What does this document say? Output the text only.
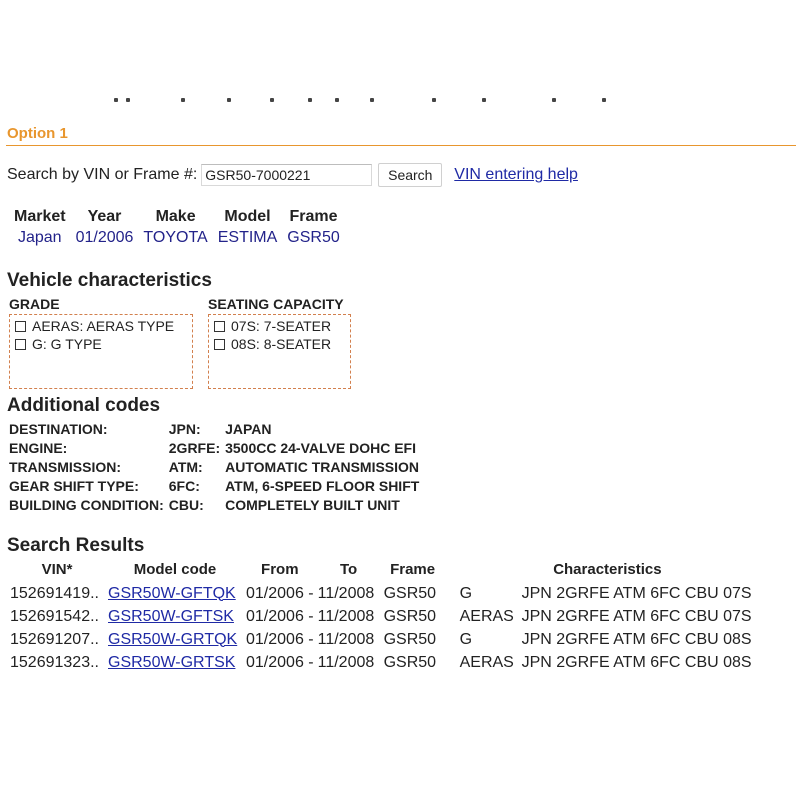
Option 1
Search by VIN or Frame #:
GSR50-7000221	Search	VIN entering help
Market	Year	Make	Model	Frame
Japan	01/2006	TOYOTA	ESTIMA	GSR50
Vehicle characteristics
GRADE
AERAS: AERAS TYPE
G: G TYPE
SEATING CAPACITY
07S: 7-SEATER
08S: 8-SEATER
Additional codes
DESTINATION:	JPN:	JAPAN
ENGINE:	2GRFE:	3500CC 24-VALVE DOHC EFI
TRANSMISSION:	ATM:	AUTOMATIC TRANSMISSION
GEAR SHIFT TYPE:	6FC:	ATM, 6-SPEED FLOOR SHIFT
BUILDING CONDITION:	CBU:	COMPLETELY BUILT UNIT
Search Results
VIN*	Model code	From	To	Frame	Characteristics	
152691419..	GSR50W-GFTQK	01/2006 -	11/2008	GSR50	G	JPN 2GRFE ATM 6FC CBU 07S
152691542..	GSR50W-GFTSK	01/2006 -	11/2008	GSR50	AERAS	JPN 2GRFE ATM 6FC CBU 07S
152691207..	GSR50W-GRTQK	01/2006 -	11/2008	GSR50	G	JPN 2GRFE ATM 6FC CBU 08S
152691323..	GSR50W-GRTSK	01/2006 -	11/2008	GSR50	AERAS	JPN 2GRFE ATM 6FC CBU 08S
